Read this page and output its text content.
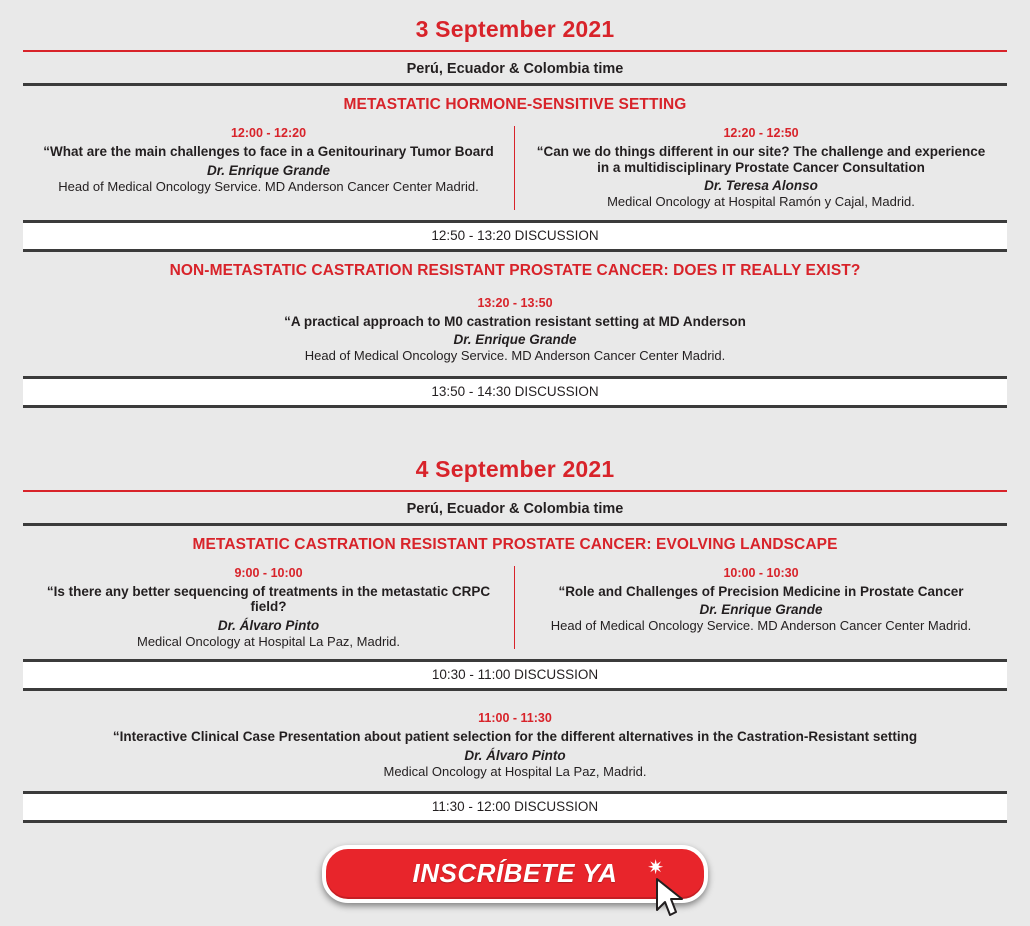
3 September 2021
Perú, Ecuador & Colombia time
METASTATIC HORMONE-SENSITIVE SETTING
12:00 - 12:20
“What are the main challenges to face in a Genitourinary Tumor Board
Dr. Enrique Grande
Head of Medical Oncology Service. MD Anderson Cancer Center Madrid.
12:20 - 12:50
“Can we do things different in our site? The challenge and experience in a multidisciplinary Prostate Cancer Consultation
Dr. Teresa Alonso
Medical Oncology at Hospital Ramón y Cajal, Madrid.
12:50 - 13:20 DISCUSSION
NON-METASTATIC CASTRATION RESISTANT PROSTATE CANCER: DOES IT REALLY EXIST?
13:20 - 13:50
“A practical approach to M0 castration resistant setting at MD Anderson
Dr. Enrique Grande
Head of Medical Oncology Service. MD Anderson Cancer Center Madrid.
13:50 - 14:30 DISCUSSION
4 September 2021
Perú, Ecuador & Colombia time
METASTATIC CASTRATION RESISTANT PROSTATE CANCER: EVOLVING LANDSCAPE
9:00 - 10:00
“Is there any better sequencing of treatments in the metastatic CRPC field?
Dr. Álvaro Pinto
Medical Oncology at Hospital La Paz, Madrid.
10:00 - 10:30
“Role and Challenges of Precision Medicine in Prostate Cancer
Dr. Enrique Grande
Head of Medical Oncology Service. MD Anderson Cancer Center Madrid.
10:30 - 11:00 DISCUSSION
11:00 - 11:30
“Interactive Clinical Case Presentation about patient selection for the different alternatives in the Castration-Resistant setting
Dr. Álvaro Pinto
Medical Oncology at Hospital La Paz, Madrid.
11:30 - 12:00 DISCUSSION
INSCRÍBETE YA ✷
